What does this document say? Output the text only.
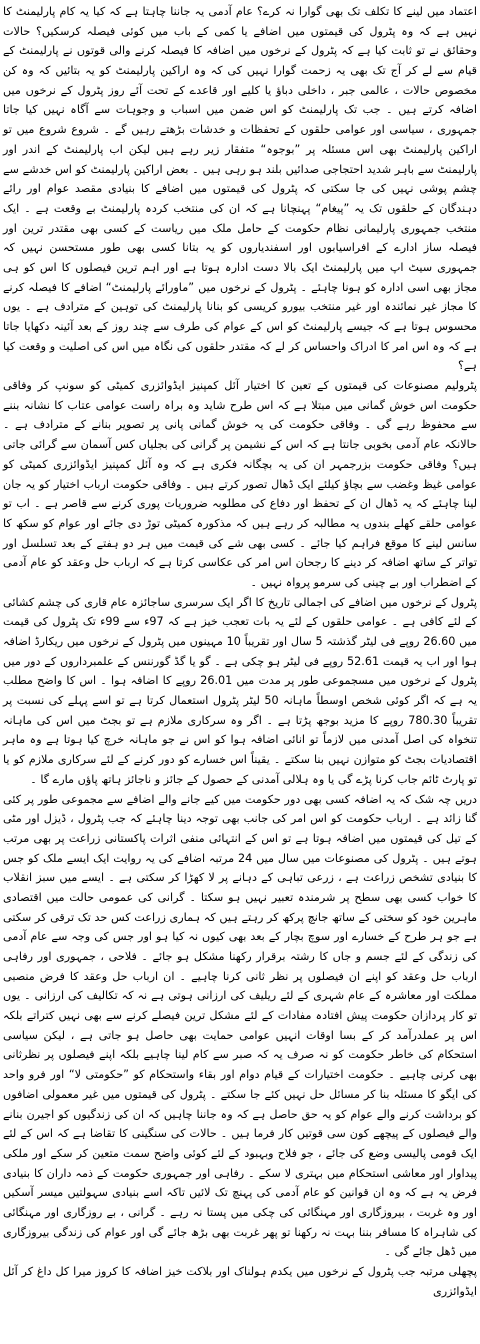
اعتماد میں لینے کا تکلف تک بھی گوارا نہ کرے؟ عام آدمی یہ جاننا چاہتا ہے کہ کیا یہ کام پارلیمنٹ کا نہیں ہے کہ وہ پٹرول کی قیمتوں میں اضافے یا کمی کے باب میں کوئی فیصلہ کرسکیں؟ حالات وحقائق نے تو ثابت کیا ہے کہ پٹرول کے نرخوں میں اضافہ کا فیصلہ کرنے والی قوتوں نے پارلیمنٹ کے قیام سے لے کر آج تک بھی یہ زحمت گوارا نہیں کی کہ وہ اراکین پارلیمنٹ کو یہ بتائیں کہ وہ کن مخصوص حالات ، عالمی جبر ، داخلی دباؤ یا کلیے اور قاعدے کے تحت آئے روز پٹرول کے نرخوں میں اضافہ کرتے ہیں ۔ جب تک پارلیمنٹ کو اس ضمن میں اسباب و وجوہات سے آگاہ نہیں کیا جاتا جمہوری ، سیاسی اور عوامی حلقوں کے تحفظات و خدشات بڑھتے رہیں گے ۔ شروع شروع میں تو اراکین پارلیمنٹ بھی اس مسئلہ پر ”بوجوہ“ متفقار زیر رہے ہیں لیکن اب پارلیمنٹ کے اندر اور پارلیمنٹ سے باہر شدید احتجاجی صدائیں بلند ہو رہی ہیں ۔ بعض اراکین پارلیمنٹ کو اس خدشے سے چشم پوشی نہیں کی جا سکتی کہ پٹرول کی قیمتوں میں اضافے کا بنیادی مقصد عوام اور رائے دہندگان کے حلقوں تک یہ ”پیغام“ پہنچانا ہے کہ ان کی منتخب کردہ پارلیمنٹ بے وقعت ہے ۔ ایک منتخب جمہوری پارلیمانی نظام حکومت کے حامل ملک میں ریاست کے کسی بھی مقتدر ترین اور فیصلہ ساز ادارے کے افراسیابوں اور اسفندیاروں کو یہ بتانا کسی بھی طور مستحسن نہیں کہ جمہوری سیٹ اپ میں پارلیمنٹ ایک بالا دست ادارہ ہوتا ہے اور اہم ترین فیصلوں کا اس کو ہی مجاز بھی اسی ادارہ کو ہونا چاہئے ۔ پٹرول کے نرخوں میں ”ماورائے پارلیمنٹ“ اضافے کا فیصلہ کرنے کا مجاز غیر نمائندہ اور غیر منتخب بیورو کریسی کو بنانا پارلیمنٹ کی توہین کے مترادف ہے ۔ یوں محسوس ہوتا ہے کہ جیسے پارلیمنٹ کو اس کے عوام کی طرف سے چند روز کے بعد آئینہ دکھایا جاتا ہے کہ وہ اس امر کا ادراک واحساس کر لے کہ مقتدر حلقوں کی نگاہ میں اس کی اصلیت و وقعت کیا ہے؟

پٹرولیم مصنوعات کی قیمتوں کے تعین کا اختیار آئل کمپنیز ایڈوائزری کمیٹی کو سونپ کر وفاقی حکومت اس خوش گمانی میں مبتلا ہے کہ اس طرح شاید وہ براہ راست عوامی عتاب کا نشانہ بننے سے محفوظ رہے گی ۔ وفاقی حکومت کی یہ خوش گمانی پانی پر تصویر بنانے کے مترادف ہے ۔ حالانکہ عام آدمی بخوبی جانتا ہے کہ اس کے نشیمن پر گرانی کی بجلیاں کس آسمان سے گرائی جاتی ہیں؟ وفاقی حکومت بزرجمہر ان کی یہ بچگانہ فکری ہے کہ وہ آئل کمپنیز ایڈوائزری کمیٹی کو عوامی غیظ وغضب سے بچاؤ کیلئے ایک ڈھال تصور کرتے ہیں ۔ وفاقی حکومت ارباب اختیار کو یہ جان لینا چاہئے کہ یہ ڈھال ان کے تحفظ اور دفاع کی مطلوبہ ضروریات پوری کرنے سے قاصر ہے ۔ اب تو عوامی حلقے کھلے بندوں یہ مطالبہ کر رہے ہیں کہ مذکورہ کمیٹی توڑ دی جائے اور عوام کو سکھ کا سانس لینے کا موقع فراہم کیا جائے ۔ کسی بھی شے کی قیمت میں ہر دو ہفتے کے بعد تسلسل اور تواتر کے ساتھ اضافہ کر دینے کا رجحان اس امر کی عکاسی کرتا ہے کہ ارباب حل وعقد کو عام آدمی کے اضطراب اور بے چینی کی سرمو پرواہ نہیں ۔

پٹرول کے نرخوں میں اضافے کی اجمالی تاریخ کا اگر ایک سرسری ساجائزہ عام قاری کی چشم کشائی کے لئے کافی ہے ۔ عوامی حلقوں کے لئے یہ بات تعجب خیز ہے کہ 97ء سے 99ء تک پٹرول کی قیمت میں 26.60 روپے فی لیٹر گذشتہ 5 سال اور تقریباً 10 مہینوں میں پٹرول کے نرخوں میں ریکارڈ اضافہ ہوا اور اب یہ قیمت 52.61 روپے فی لیٹر ہو چکی ہے ۔ گو یا گڈ گورننس کے علمبرداروں کے دور میں پٹرول کے نرخوں میں مسجموعی طور پر مدت میں 26.01 روپے کا اضافہ ہوا ۔ اس کا واضح مطلب یہ ہے کہ اگر کوئی شخص اوسطاً ماہانہ 50 لیٹر پٹرول استعمال کرتا ہے تو اسے پہلے کی نسبت پر تقریباً 780.30 روپے کا مزید بوجھ پڑتا ہے ۔ اگر وہ سرکاری ملازم ہے تو بجٹ میں اس کی ماہانہ تنخواہ کی اصل آمدنی میں لازماً تو انائی اضافہ ہوا کو اس نے جو ماہانہ خرچ کیا ہوتا ہے وہ ماہر اقتصادیات بجٹ کو متوازن نہیں بنا سکتے ۔ یقیناً اس خسارے کو دور کرنے کے لئے سرکاری ملازم کو یا تو پارٹ ٹائم جاب کرنا پڑے گی یا وہ ہلالی آمدنی کے حصول کے جائز و ناجائز ہاتھ پاؤں مارے گا ۔

دریں چہ شک کہ یہ اضافہ کسی بھی دور حکومت میں کیے جانے والے اضافے سے مجموعی طور پر کئی گنا زائد ہے ۔ ارباب حکومت کو اس امر کی جانب بھی توجہ دینا چاہئے کہ جب پٹرول ، ڈیزل اور مٹی کے تیل کی قیمتوں میں اضافہ ہوتا ہے تو اس کے انتہائی منفی اثرات پاکستانی زراعت پر بھی مرتب ہوتے ہیں ۔ پٹرول کی مصنوعات میں سال میں 24 مرتبہ اضافے کی یہ روایت ایک ایسے ملک کو جس کا بنیادی تشخص زراعت ہے ، زرعی تباہی کے دہانے پر لا کھڑا کر سکتی ہے ۔ ایسے میں سبز انقلاب کا خواب کسی بھی سطح پر شرمندہ تعبیر نہیں ہو سکتا ۔ گرانی کی عمومی حالت میں اقتصادی ماہرین خود کو سختی کے ساتھ جانچ پرکھ کر رہتے ہیں کہ ہماری زراعت کس حد تک ترقی کر سکتی ہے جو ہر طرح کے خسارے اور سوچ بچار کے بعد بھی کیوں نہ کیا ہو اور جس کی وجہ سے عام آدمی کی زندگی کے لئے جسم و جاں کا رشتہ برقرار رکھنا مشکل ہو جائے ۔ فلاحی ، جمہوری اور رفاہی ارباب حل وعقد کو اپنے ان فیصلوں پر نظر ثانی کرنا چاہیے ۔ ان ارباب حل وعقد کا فرض منصبی مملکت اور معاشرہ کے عام شہری کے لئے ریلیف کی ارزانی ہوتی ہے نہ کہ تکالیف کی ارزانی ۔ یوں تو کار پردازان حکومت پیش افتادہ مفادات کے لئے مشکل ترین فیصلے کرنے سے بھی نہیں کتراتے بلکہ اس پر عملدرآمد کر کے بسا اوقات انہیں عوامی حمایت بھی حاصل ہو جاتی ہے ، لیکن سیاسی استحکام کی خاطر حکومت کو نہ صرف یہ کہ صبر سے کام لینا چاہیے بلکہ اپنے فیصلوں پر نظرثانی بھی کرنی چاہیے ۔ حکومت اختیارات کے قیام دوام اور بقاء واستحکام کو ”حکومتی لا“ اور فرو واحد کی ایگو کا مسئلہ بنا کر مسائل حل نہیں کئے جا سکتے ۔ پٹرول کی قیمتوں میں غیر معمولی اضافوں کو برداشت کرنے والے عوام کو یہ حق حاصل ہے کہ وہ جاننا چاہیں کہ ان کی زندگیوں کو اجیرن بنانے والے فیصلوں کے پیچھے کون سی قوتیں کار فرما ہیں ۔ حالات کی سنگینی کا تقاضا ہے کہ اس کے لئے ایک قومی پالیسی وضع کی جائے ، جو فلاح وبہبود کے لئے کوئی واضح سمت متعین کر سکے اور ملکی پیداوار اور معاشی استحکام میں بہتری لا سکے ۔ رفاہی اور جمہوری حکومت کے ذمہ داران کا بنیادی فرض یہ ہے کہ وہ ان قوانین کو عام آدمی کی پہنچ تک لائیں تاکہ اسے بنیادی سہولتیں میسر آسکیں اور وہ غربت ، بیروزگاری اور مہنگائی کی چکی میں پستا نہ رہے ۔ گرانی ، بے روزگاری اور مہنگائی کی شاہراہ کا مسافر بننا بہت نہ رکھنا تو پھر غربت بھی بڑھ جائے گی اور عوام کی زندگی بیروزگاری میں ڈھل جائے گی ۔

پچھلی مرتبہ جب پٹرول کے نرخوں میں یکدم ہولناک اور بلاکت خیز اضافہ کا کروز میرا کل داغ کر آئل ایڈوائزری
